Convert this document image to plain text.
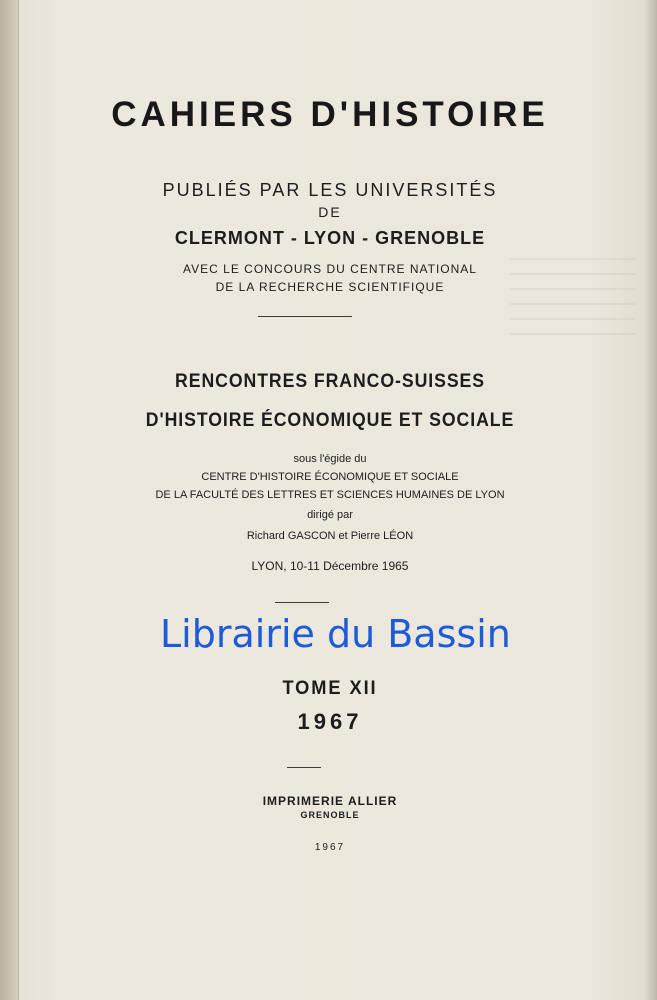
CAHIERS D'HISTOIRE
PUBLIÉS PAR LES UNIVERSITÉS
DE
CLERMONT - LYON - GRENOBLE
AVEC LE CONCOURS DU CENTRE NATIONAL
DE LA RECHERCHE SCIENTIFIQUE
RENCONTRES FRANCO-SUISSES
D'HISTOIRE ÉCONOMIQUE ET SOCIALE
sous l'égide du
CENTRE D'HISTOIRE ÉCONOMIQUE ET SOCIALE
DE LA FACULTÉ DES LETTRES ET SCIENCES HUMAINES DE LYON
dirigé par
Richard GASCON et Pierre LÉON
LYON, 10-11 Décembre 1965
Librairie du Bassin
TOME XII
1967
IMPRIMERIE ALLIER
GRENOBLE
1967
